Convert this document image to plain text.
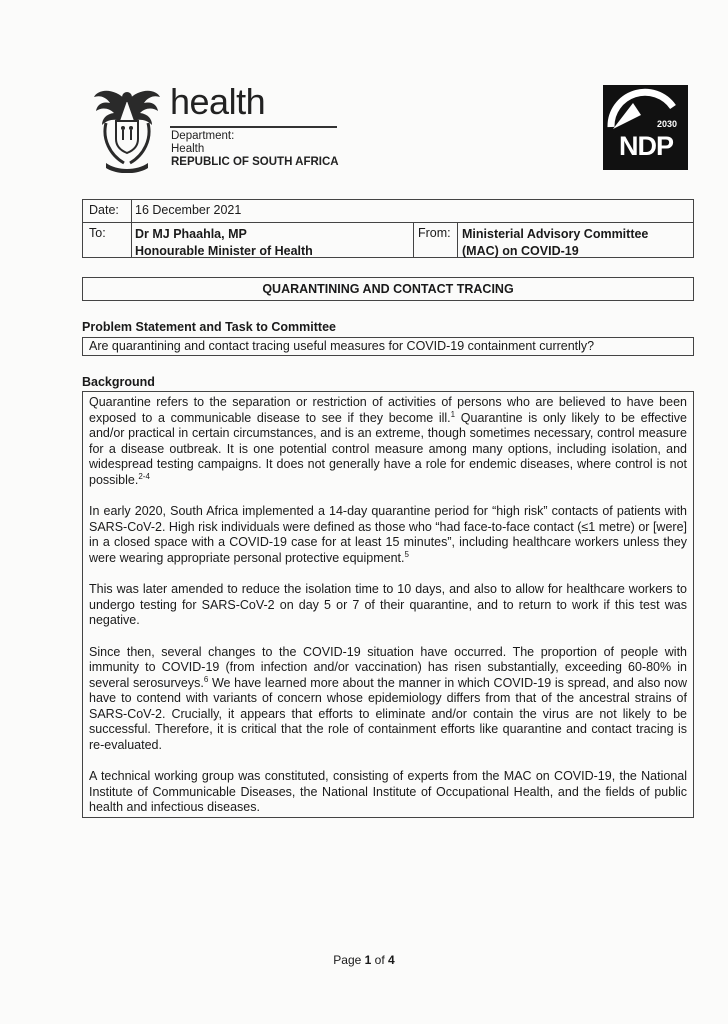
health
Department:
Health
REPUBLIC OF SOUTH AFRICA
2030
NDP
Date: 16 December 2021
To: Dr MJ Phaahla, MP
Honourable Minister of Health
From: Ministerial Advisory Committee
(MAC) on COVID-19
QUARANTINING AND CONTACT TRACING
Problem Statement and Task to Committee
Are quarantining and contact tracing useful measures for COVID-19 containment currently?
Background

Quarantine refers to the separation or restriction of activities of persons who are believed to have been exposed to a communicable disease to see if they become ill.$^1$ Quarantine is only likely to be effective and/or practical in certain circumstances, and is an extreme, though sometimes necessary, control measure for a disease outbreak. It is one potential control measure among many options, including isolation, and widespread testing campaigns. It does not generally have a role for endemic diseases, where control is not possible.$^{2-4}$

In early 2020, South Africa implemented a 14-day quarantine period for “high risk” contacts of patients with SARS-CoV-2. High risk individuals were defined as those who “had face-to-face contact (≤1 metre) or [were] in a closed space with a COVID-19 case for at least 15 minutes”, including healthcare workers unless they were wearing appropriate personal protective equipment.$^5$

This was later amended to reduce the isolation time to 10 days, and also to allow for healthcare workers to undergo testing for SARS-CoV-2 on day 5 or 7 of their quarantine, and to return to work if this test was negative.

Since then, several changes to the COVID-19 situation have occurred. The proportion of people with immunity to COVID-19 (from infection and/or vaccination) has risen substantially, exceeding 60-80% in several serosurveys.$^6$ We have learned more about the manner in which COVID-19 is spread, and also now have to contend with variants of concern whose epidemiology differs from that of the ancestral strains of SARS-CoV-2. Crucially, it appears that efforts to eliminate and/or contain the virus are not likely to be successful. Therefore, it is critical that the role of containment efforts like quarantine and contact tracing is re-evaluated.

A technical working group was constituted, consisting of experts from the MAC on COVID-19, the National Institute of Communicable Diseases, the National Institute of Occupational Health, and the fields of public health and infectious diseases.

Page 1 of 4
